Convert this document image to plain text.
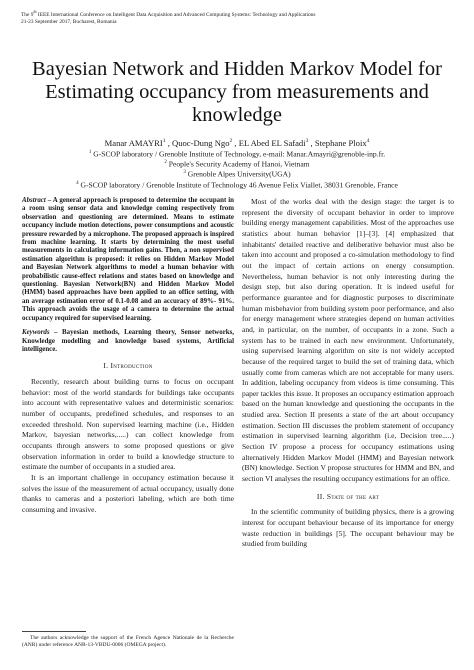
The 9th IEEE International Conference on Intelligent Data Acquisition and Advanced Computing Systems: Technology and Applications
21-23 September 2017, Bucharest, Romania
Bayesian Network and Hidden Markov Model for Estimating occupancy from measurements and knowledge
Manar AMAYRI$^1$ , Quoc-Dung Ngo$^2$ , EL Abed EL Safadi$^3$ , Stephane Ploix$^4$
$^1$ G-SCOP laboratory / Grenoble Institute of Technology, e-mail: Manar.Amayri@grenoble-inp.fr.
$^2$ People's Security Academy of Hanoi, Vietnam
$^3$ Grenoble Alpes University(UGA)
$^4$ G-SCOP laboratory / Grenoble Institute of Technology 46 Avenue Felix Viallet, 38031 Grenoble, France
Abstract – A general approach is proposed to determine the occupant in a room using sensor data and knowledge coming respectively from observation and questioning are determined. Means to estimate occupancy include motion detections, power consumptions and acoustic pressure rewarded by a microphone. The proposed approach is inspired from machine learning. It starts by determining the most useful measurements in calculating information gains. Then, a non supervised estimation algorithm is proposed: it relies on Hidden Markov Model and Bayesian Network algorithms to model a human behavior with probabilistic cause-effect relations and states based on knowledge and questioning. Bayesian Network(BN) and Hidden Markov Model (HMM) based approaches have been applied to an office setting, with an average estimation error of 0.1-0.08 and an accuracy of 89%- 91%. This approach avoids the usage of a camera to determine the actual occupancy required for supervised learning.
Keywords – Bayesian methods, Learning theory, Sensor networks, Knowledge modelling and knowledge based systems, Artificial intelligence.
I. Introduction

Recently, research about building turns to focus on occupant behavior: most of the world standards for buildings take occupants into account with representative values and deterministic scenarios: number of occupants, predefined schedules, and responses to an exceeded threshold. Non supervised learning machine (i.e., Hidden Markov, bayesian networks,.....) can collect knowledge from occupants through answers to some proposed questions or give observation information in order to build a knowledge structure to estimate the number of occupants in a studied area.

It is an important challenge in occupancy estimation because it solves the issue of the measurement of actual occupancy, usually done thanks to cameras and a posteriori labeling, which are both time consuming and invasive.

Most of the works deal with the design stage: the target is to represent the diversity of occupant behavior in order to improve building energy management capabilities. Most of the approaches use statistics about human behavior [1]–[3]. [4] emphasized that inhabitants' detailed reactive and deliberative behavior must also be taken into account and proposed a co-simulation methodology to find out the impact of certain actions on energy consumption. Nevertheless, human behavior is not only interesting during the design step, but also during operation. It is indeed useful for performance guarantee and for diagnostic purposes to discriminate human misbehavior from building system poor performance, and also for energy management where strategies depend on human activities and, in particular, on the number, of occupants in a zone. Such a system has to be trained in each new environment. Unfortunately, using supervised learning algorithm on site is not widely accepted because of the required target to build the set of training data, which usually come from cameras which are not acceptable for many users. In addition, labeling occupancy from videos is time consuming. This paper tackles this issue. It proposes an occupancy estimation approach based on the human knowledge and questioning the occupants in the studied area. Section II presents a state of the art about occupancy estimation. Section III discusses the problem statement of occupancy estimation in supervised learning algorithm (i.e, Decision tree.....) Section IV propose a process for occupancy estimations using alternatively Hidden Markov Model (HMM) and Bayesian network (BN) knowledge. Section V propose structures for HMM and BN, and section VI analyses the resulting occupancy estimations for an office.

II. State of the art

In the scientific community of building physics, there is a growing interest for occupant behaviour because of its importance for energy waste reduction in buildings [5]. The occupant behaviour may be studied from building

The authors acknowledge the support of the French Agence Nationale de la Recherche (ANR) under reference ANR-13-VBDU-0006 (OMEGA project).
